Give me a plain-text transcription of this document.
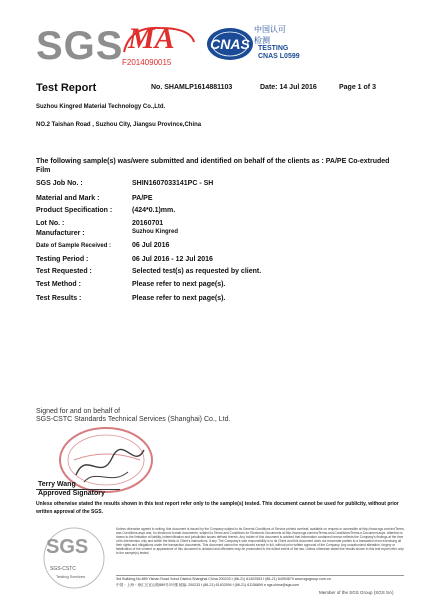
SGS MA
F2014090015
CNAS
中国认可
检测
TESTING
CNAS L0599
Test Report	No. SHAMLP1614881103	Date: 14 Jul 2016	Page 1 of 3
Suzhou Kingred Material Technology Co.,Ltd.
NO.2 Taishan Road , Suzhou City, Jiangsu Province,China
The following sample(s) was/were submitted and identified on behalf of the clients as : PA/PE Co-extruded Film
SGS Job No. :	SHIN1607033141PC - SH
Material and Mark :	PA/PE
Product Specification :	(424*0.1)mm.
Lot No. :	20160701
Manufacturer :	Suzhou Kingred
Date of Sample Received :	06 Jul 2016
Testing Period :	06 Jul 2016 - 12 Jul 2016
Test Requested :	Selected test(s) as requested by client.
Test Method :	Please refer to next page(s).
Test Results :	Please refer to next page(s).
Signed for and on behalf of
SGS-CSTC Standards Technical Services (Shanghai) Co., Ltd.
Terry Wang
Approved Signatory
Unless otherwise stated the results shown in this test report refer only to the sample(s) tested. This document cannot be used for publicity, without prior written approval of the SGS.
SGS
SGS-CSTC
Testing Services
Unless otherwise agreed in writing, this document is issued by the Company subject to its General Conditions of Service printed overleaf, available on request or accessible at http://www.sgs.com/en/Terms-and-Conditions.aspx and, for electronic format documents, subject to Terms and Conditions for Electronic Documents at http://www.sgs.com/en/Terms-and-Conditions/Terms-e-Document.aspx. Attention is drawn to the limitation of liability, indemnification and jurisdiction issues defined therein. Any holder of this document is advised that information contained hereon reflects the Company's findings at the time of its intervention only and within the limits of Client's instructions, if any. The Company's sole responsibility is to its Client and this document does not exonerate parties to a transaction from exercising all their rights and obligations under the transaction documents. This document cannot be reproduced except in full, without prior written approval of the Company. Any unauthorized alteration, forgery or falsification of the content or appearance of this document is unlawful and offenders may be prosecuted to the fullest extent of the law. Unless otherwise stated the results shown in this test report refer only to the sample(s) tested.
3rd Building,No.889 Yishan Road Xuhui District,Shanghai China 200233 t (86-21) 61402553 f (86-21) 64953679 www.sgsgroup.com.cn
中国・上海・徐汇区宜山路889号3号楼 邮编: 200233 t (86-21) 61402594 f (86-21) 61156899 e sgs.china@sgs.com
Member of the SGS Group (SGS SA)
